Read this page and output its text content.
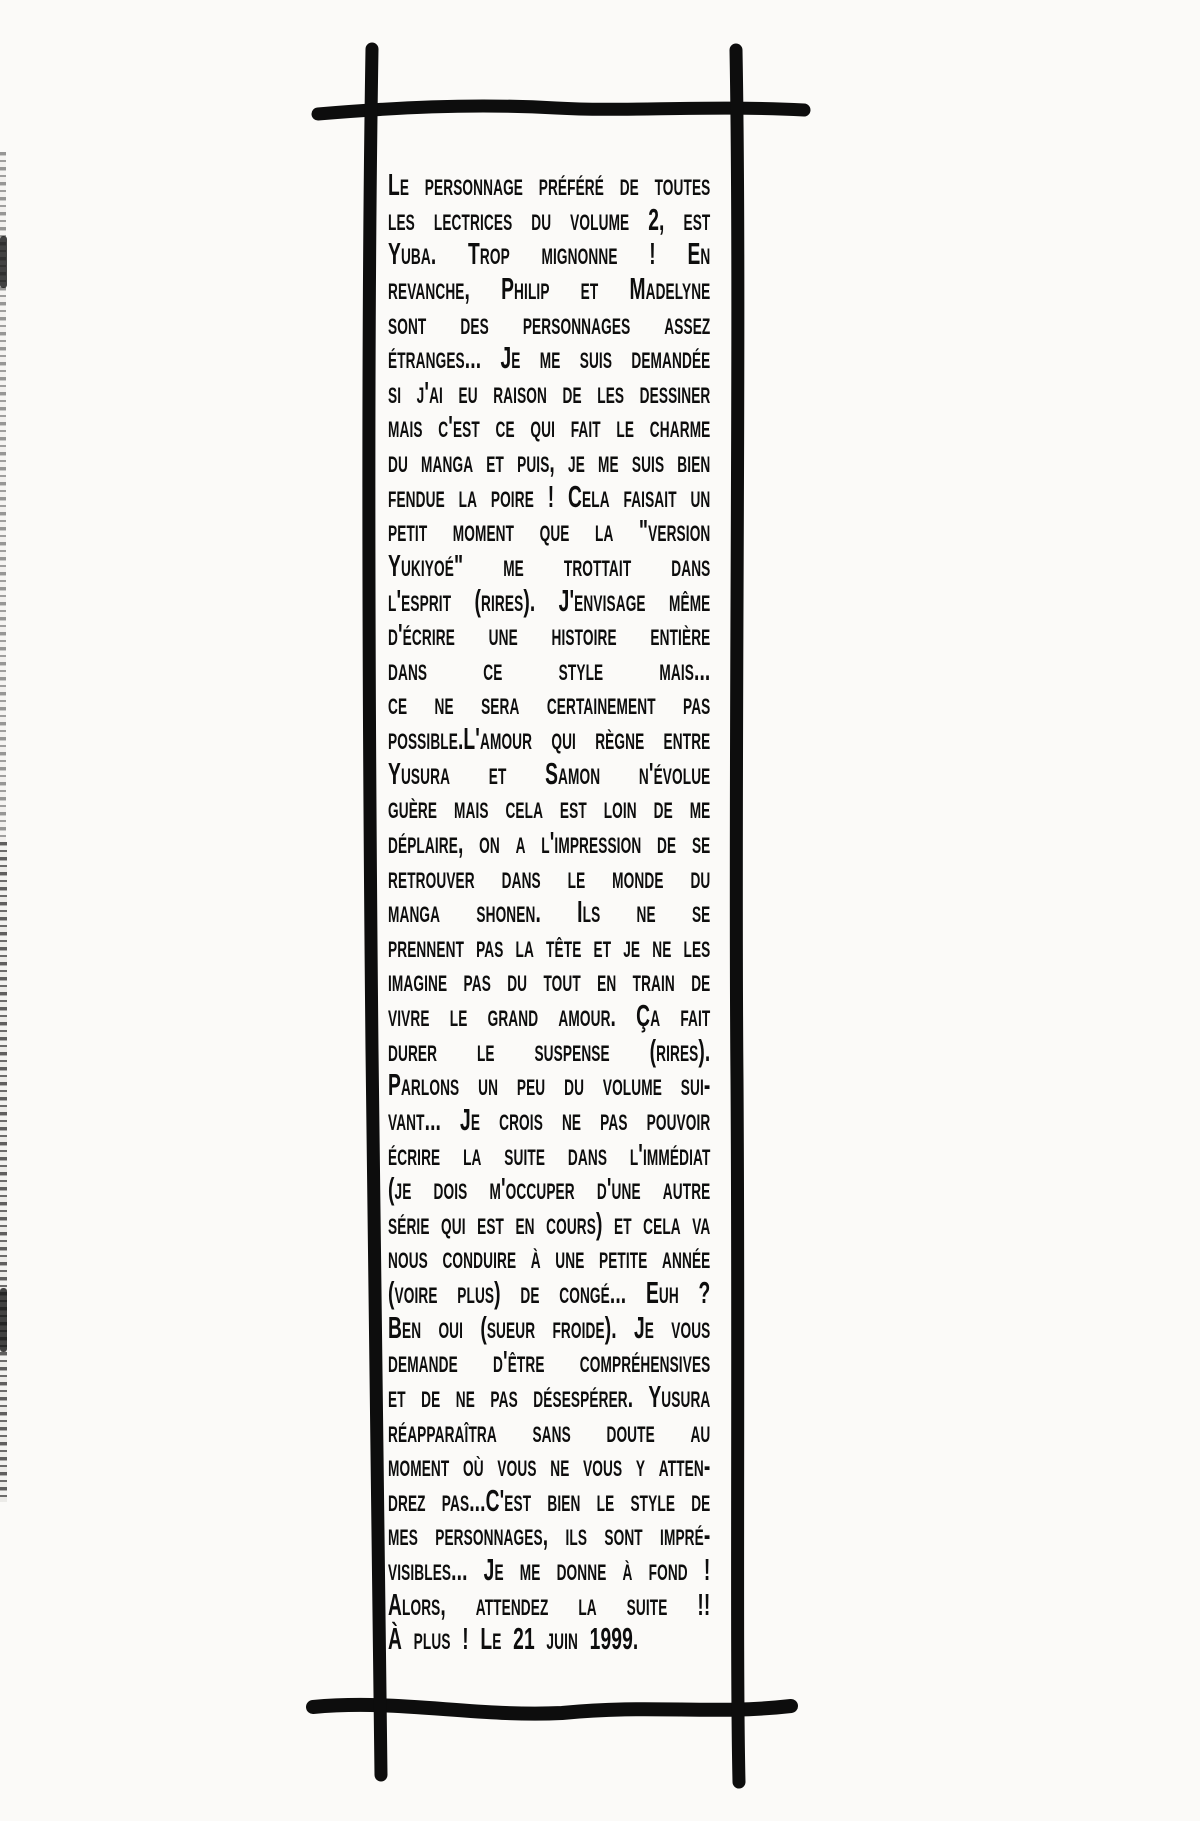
Le personnage préféré de toutes
les lectrices du volume 2, est
Yuba. Trop mignonne ! En
revanche, Philip et Madelyne
sont des personnages assez
étranges... Je me suis demandée
si j'ai eu raison de les dessiner
mais c'est ce qui fait le charme
du manga et puis, je me suis bien
fendue la poire ! Cela faisait un
petit moment que la "version
Yukiyoé" me trottait dans
l'esprit (rires). J'envisage même
d'écrire une histoire entière
dans ce style mais...
ce ne sera certainement pas
possible.L'amour qui règne entre
Yusura et Samon n'évolue
guère mais cela est loin de me
déplaire, on a l'impression de se
retrouver dans le monde du
manga shonen. Ils ne se
prennent pas la tête et je ne les
imagine pas du tout en train de
vivre le grand amour. Ça fait
durer le suspense (rires).
Parlons un peu du volume sui-
vant... Je crois ne pas pouvoir
écrire la suite dans l'immédiat
(je dois m'occuper d'une autre
série qui est en cours) et cela va
nous conduire à une petite année
(voire plus) de congé... Euh ?
Ben oui (sueur froide). Je vous
demande d'être compréhensives
et de ne pas désespérer. Yusura
réapparaîtra sans doute au
moment où vous ne vous y atten-
drez pas...C'est bien le style de
mes personnages, ils sont impré-
visibles... Je me donne à fond !
Alors, attendez la suite !!
À plus ! Le 21 juin 1999.
